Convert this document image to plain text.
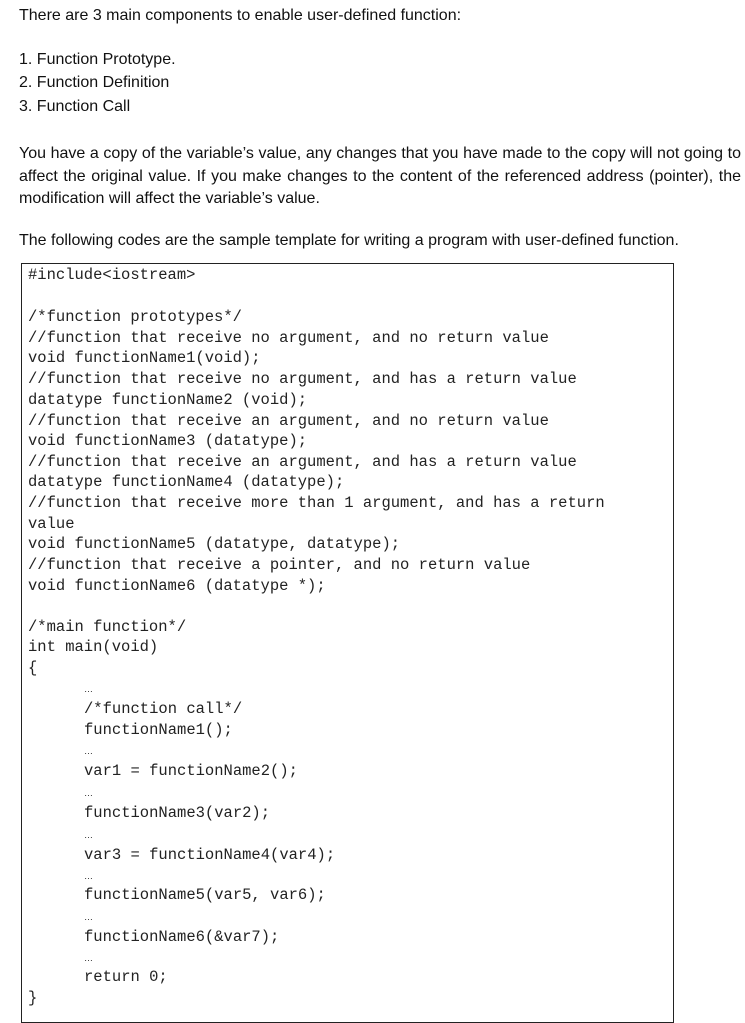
There are 3 main components to enable user-defined function:
1. Function Prototype.
2. Function Definition
3. Function Call
You have a copy of the variable’s value, any changes that you have made to the copy will not going to affect the original value. If you make changes to the content of the referenced address (pointer), the modification will affect the variable’s value.
The following codes are the sample template for writing a program with user-defined function.
#include<iostream>
/*function prototypes*/
//function that receive no argument, and no return value
void functionName1(void);
//function that receive no argument, and has a return value
datatype functionName2 (void);
//function that receive an argument, and no return value
void functionName3 (datatype);
//function that receive an argument, and has a return value
datatype functionName4 (datatype);
//function that receive more than 1 argument, and has a return
value
void functionName5 (datatype, datatype);
//function that receive a pointer, and no return value
void functionName6 (datatype *);
/*main function*/
int main(void)
{
…
/*function call*/
functionName1();
…
var1 = functionName2();
…
functionName3(var2);
…
var3 = functionName4(var4);
…
functionName5(var5, var6);
…
functionName6(&var7);
…
return 0;
}
